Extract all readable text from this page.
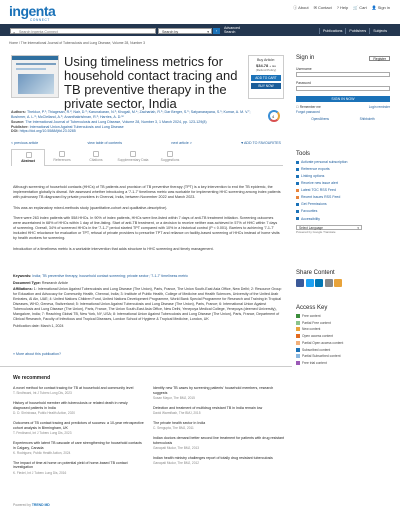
ingenta
CONNECT
ⓘ About ✉ Contact ? Help 🛒 Cart 👤 Sign in
⌕ Search Ingenta Connect	Search by	▾	›	Advanced Search	Publications	Publishers	Subjects
Home / The International Journal of Tuberculosis and Lung Disease, Volume 28, Number 3
Using timeliness metrics for household contact tracing and TB preventive therapy in the private sector, India
Buy Article:
$34.78 + tax
(Refund Policy)
ADD TO CART
BUY NOW

Authors: Thekkur, P.¹; Thiagesan, R.²; Nair, D.³; Karunakaran, N.²; Khogali, M.⁴; Zachariah, R.⁵; Dar Berger, S.⁶; Satyanarayana, S.¹; Kumar, A. M. V.⁷; Boshmer, A. L.⁸; McClelland, A.⁹; Ananthakrishnan, R.²; Harries, A. D.¹⁰

Source: The International Journal of Tuberculosis and Lung Disease, Volume 28, Number 3, 1 March 2024, pp. 123-129(8)

Publisher: International Union Against Tuberculosis and Lung Disease

DOI: https://doi.org/10.5588/ijtld.23.0285

4
< previous article	view table of contents	next article >	♥ ADD TO FAVOURITES
Abstract	References	Citations	Supplementary Data	Suggestions

Although screening of household contacts (HHCs) of TB patients and provision of TB preventive therapy (TPT) is a key intervention to end the TB epidemic, the implementation globally is dismal. We assessed whether introducing a '7-1-7' timeliness metric was workable for implementing HHC screening among index patients with pulmonary TB diagnosed by private providers in Chennai, India, between November 2022 and March 2023.

This was an explanatory mixed-methods study (quantitative-cohort and qualitative-descriptive).

There were 263 index patients with 558 HHCs. In 90% of index patients, HHCs were line-listed within 7 days of anti-TB treatment initiation. Screening outcomes were ascertained in 68% of HHCs within 1 day of line-listing. Start of anti-TB treatment, or a decision to receive neither was achieved in 57% of HHC within 7 days of screening. Overall, 34% of screened HHCs in the '7-1-7' period started TPT compared with 10% in a historical control (P < 0.001). Barriers to achieving '7-1-7' included HHC reluctance for evaluation or TPT, refusal of private providers to prescribe TPT and reliance on facility-based screening of HHCs instead of home visits by health workers for screening.

Introduction of a timeliness metric is a workable intervention that adds structure to HHC screening and timely management.

Keywords: India; TB preventive therapy; household contact screening; private sector; '7-1-7' timeliness metric

Document Type: Research Article

Affiliations: 1: International Union Against Tuberculosis and Lung Disease (The Union), Paris, France, The Union South-East Asia Office, New Delhi; 2: Resource Group for Education and Advocacy for Community Health, Chennai, India; 3: Institute of Public Health, College of Medicine and Health Sciences, University of the United Arab Emirates, Al Ain, UAE; 4: United Nations Children Fund, United Nations Development Programme, World Bank Special Programme for Research and Training in Tropical Diseases, WHO, Geneva, Switzerland; 5: International Union Against Tuberculosis and Lung Disease (The Union), Paris, France; 6: International Union Against Tuberculosis and Lung Disease (The Union), Paris, France, The Union South-East Asia Office, New Delhi, Yenepoya Medical College, Yenepoya (deemed University), Mangalore, India; 7: Reaching Global TB, New York, NY, USA; 8: International Union Against Tuberculosis and Lung Disease (The Union), Paris, France, Department of Clinical Research, Faculty of Infectious and Tropical Diseases, London School of Hygiene & Tropical Medicine, London, UK

Publication date: March 1, 2024

» More about this publication?
Sign in	Register
Username
Password
SIGN IN NOW
☐ Remember me	Login reminder
Forgot password
OpenAthens	Shibboleth
Tools
Activate personal subscription
Reference exports
Linking options
Receive new issue alert
Latest TOC RSS Feed
Recent Issues RSS Feed
Get Permissions
Favourites
Accessibility
Select Language	▾
Powered by Google Translate
Share Content
Access Key
Free content
Partial Free content
New content
Open access content
Partial Open access content
Subscribed content
Partial Subscribed content
Free trial content
We recommend
A novel method for contact tracing for TB at household and community level
T. Sindhwani, Int J Tuberc Lung Dis, 2023
History of household member with tuberculosis or related death in newly diagnosed patients in India
D. D. Shrinivasa, Public Health Action, 2020
Outcomes of TB contact tracing and predictors of success: a 10-year retrospective cohort analysis in Birmingham, UK
T. Ferdinand, Int J Tuberc Lung Dis, 2023
Experiences with latent TB cascade of care strengthening for household contacts in Calgary, Canada
K. Rodriguez, Public Health Action, 2024
The impact of time at home on potential yield of home-based TB contact investigation
K. Fiedel, Int J Tuberc Lung Dis, 2016
Identify new TB cases by screening patients' household members, research suggests
Susan Mayor, The BMJ, 2015
Detection and treatment of multidrug resistant TB in India remain low
David Warmflash, The BMJ, 2015
The private health sector in India
C. Sengupta, The BMJ, 2011
Indian doctors demand better second line treatment for patients with drug resistant tuberculosis
Ganapati Mudur, The BMJ, 2013
Indian health ministry challenges report of totally drug resistant tuberculosis
Ganapati Mudur, The BMJ, 2012
Powered by TREND MD
